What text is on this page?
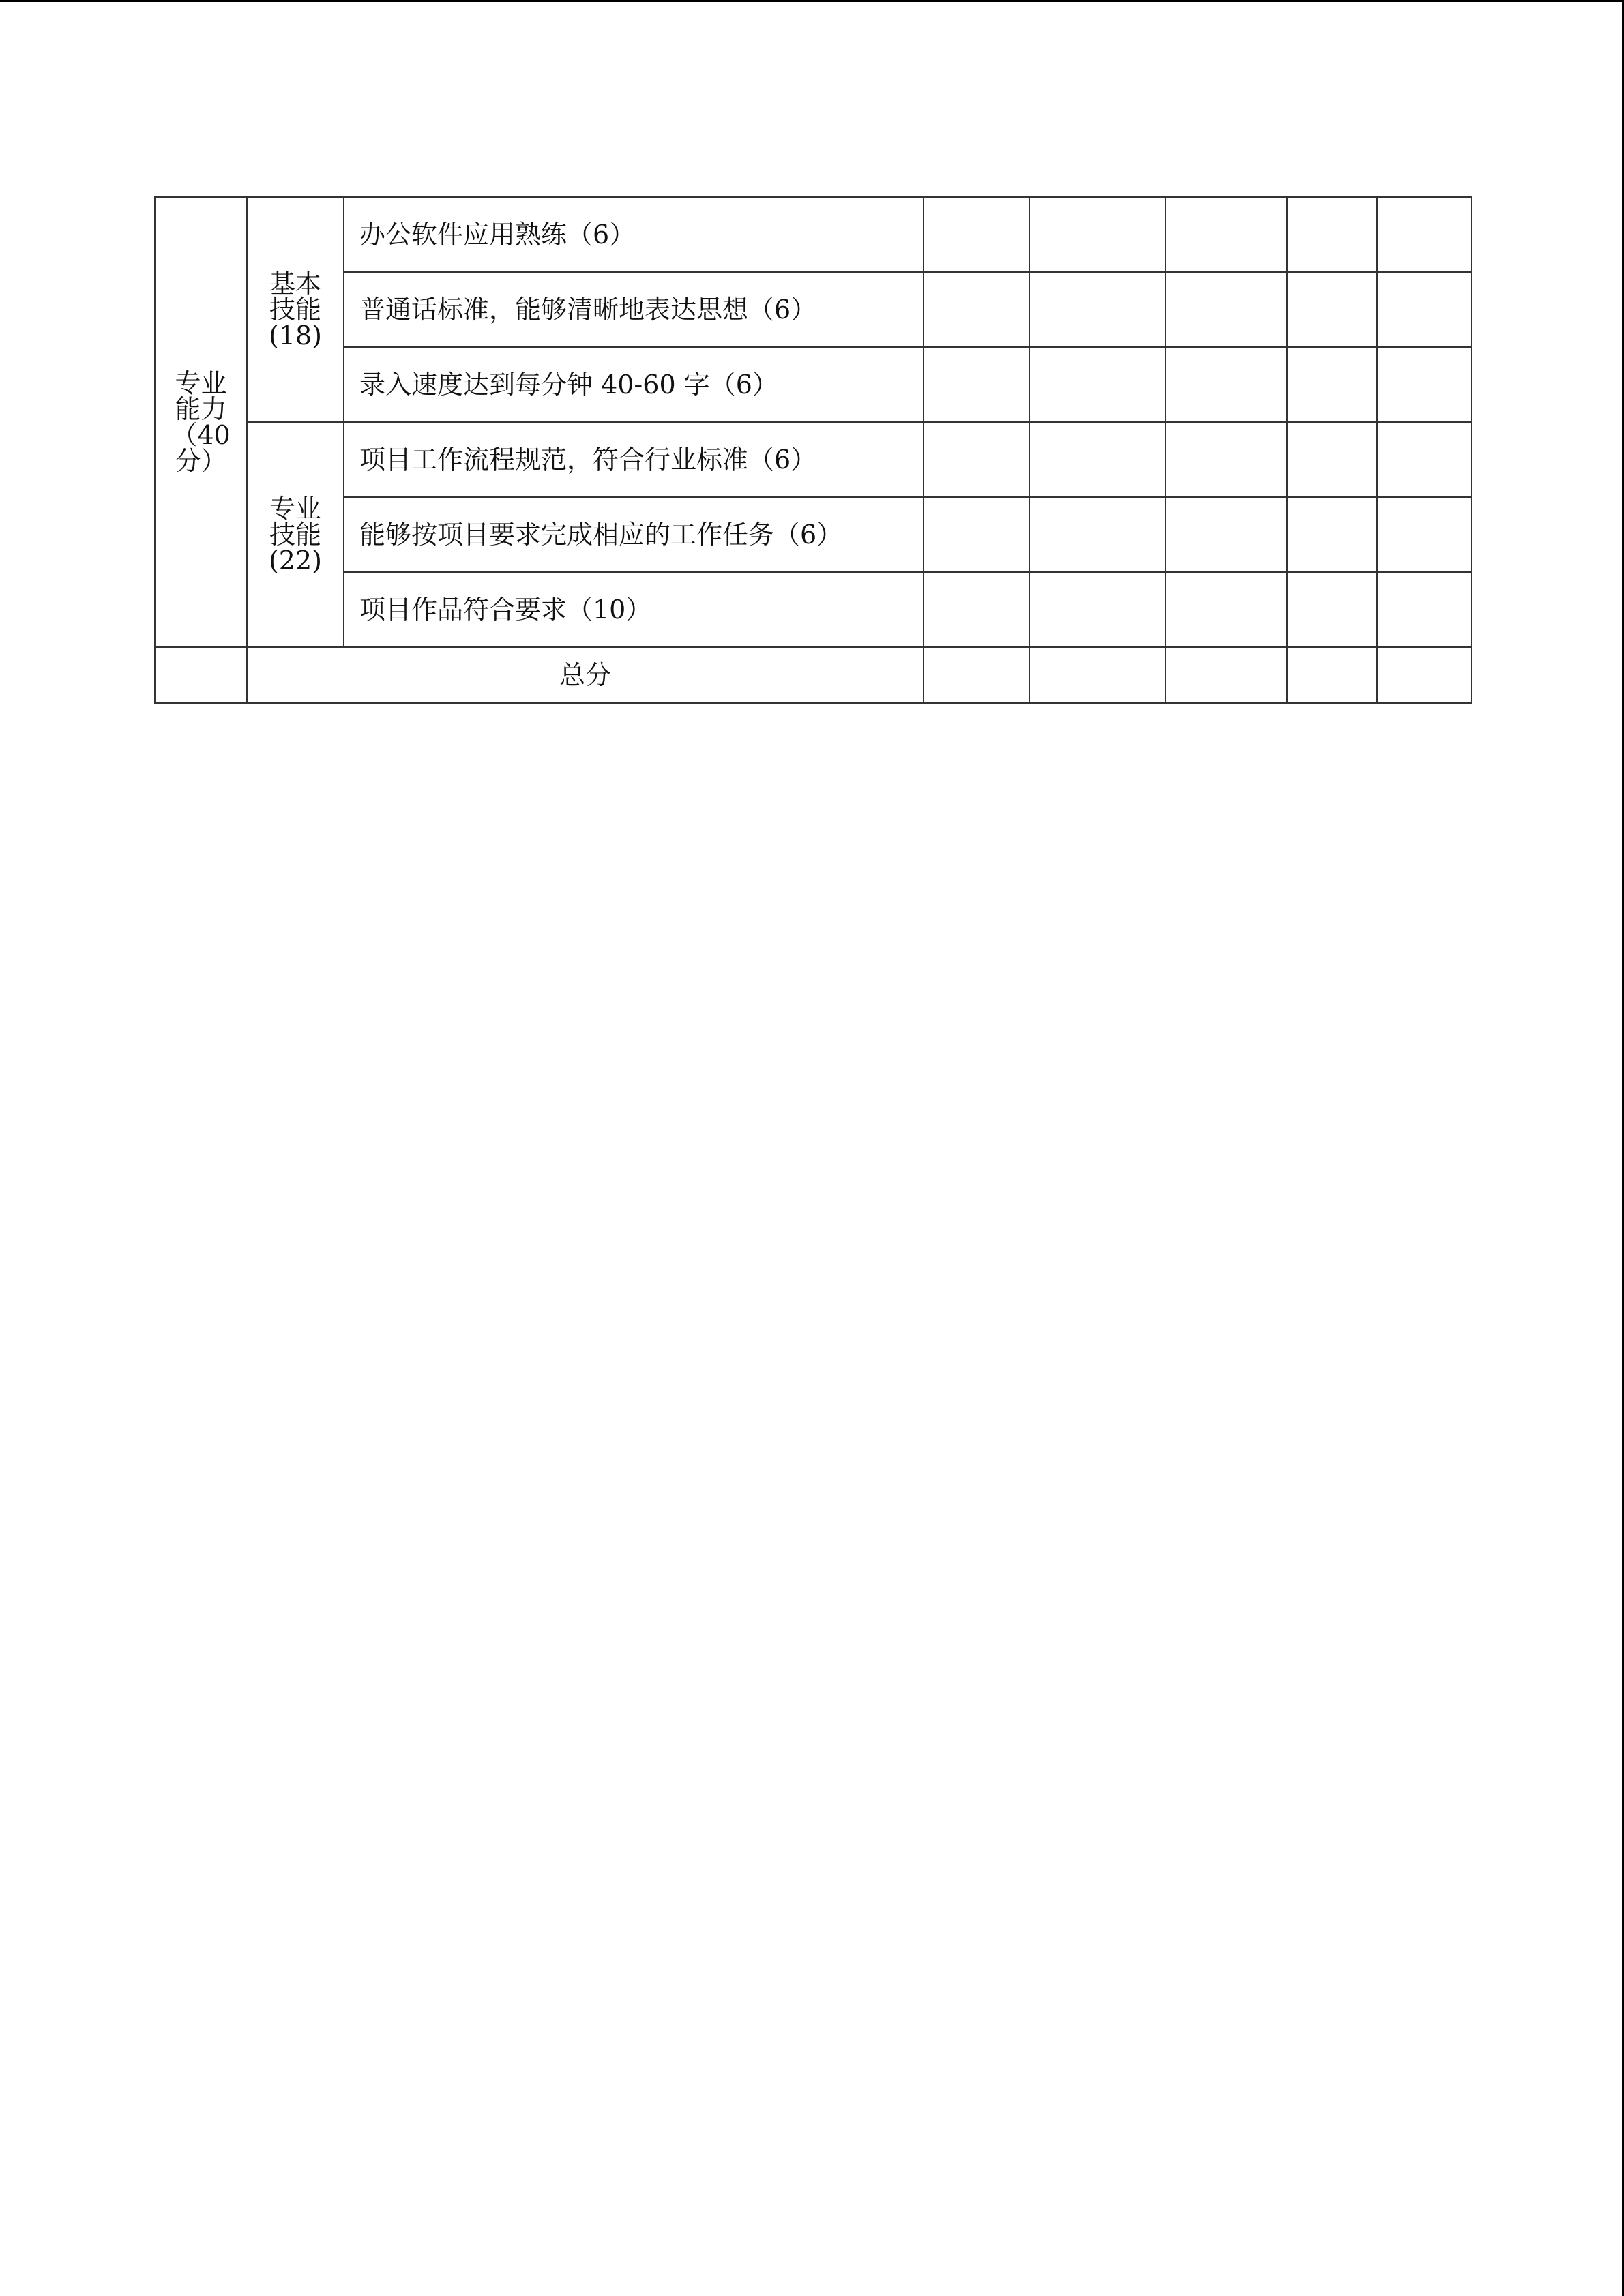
专业
能力
（40
分）	基本
技能
(18)	办公软件应用熟练（6）					
		普通话标准，能够清晰地表达思想（6）					
		录入速度达到每分钟 40-60 字（6）					

	专业
技能
(22)	项目工作流程规范，符合行业标准（6）					
		能够按项目要求完成相应的工作任务（6）					
		项目作品符合要求（10）					
	总分						
